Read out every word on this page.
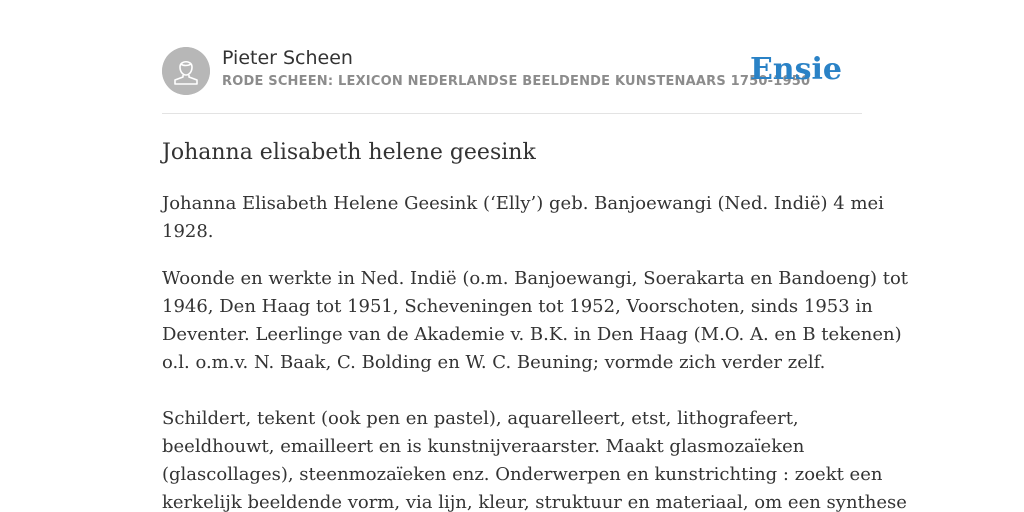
Pieter Scheen
RODE SCHEEN: LEXICON NEDERLANDSE BEELDENDE KUNSTENAARS 1750-1950
Ensie
Johanna elisabeth helene geesink

Johanna Elisabeth Helene Geesink (‘Elly’) geb. Banjoewangi (Ned. Indië) 4 mei
1928.

Woonde en werkte in Ned. Indië (o.m. Banjoewangi, Soerakarta en Bandoeng) tot
1946, Den Haag tot 1951, Scheveningen tot 1952, Voorschoten, sinds 1953 in
Deventer. Leerlinge van de Akademie v. B.K. in Den Haag (M.O. A. en B tekenen)
o.l. o.m.v. N. Baak, C. Bolding en W. C. Beuning; vormde zich verder zelf.

Schildert, tekent (ook pen en pastel), aquarelleert, etst, lithografeert,
beeldhouwt, emailleert en is kunstnijveraarster. Maakt glasmozaïeken
(glascollages), steenmozaïeken enz. Onderwerpen en kunstrichting : zoekt een
kerkelijk beeldende vorm, via lijn, kleur, struktuur en materiaal, om een synthese
